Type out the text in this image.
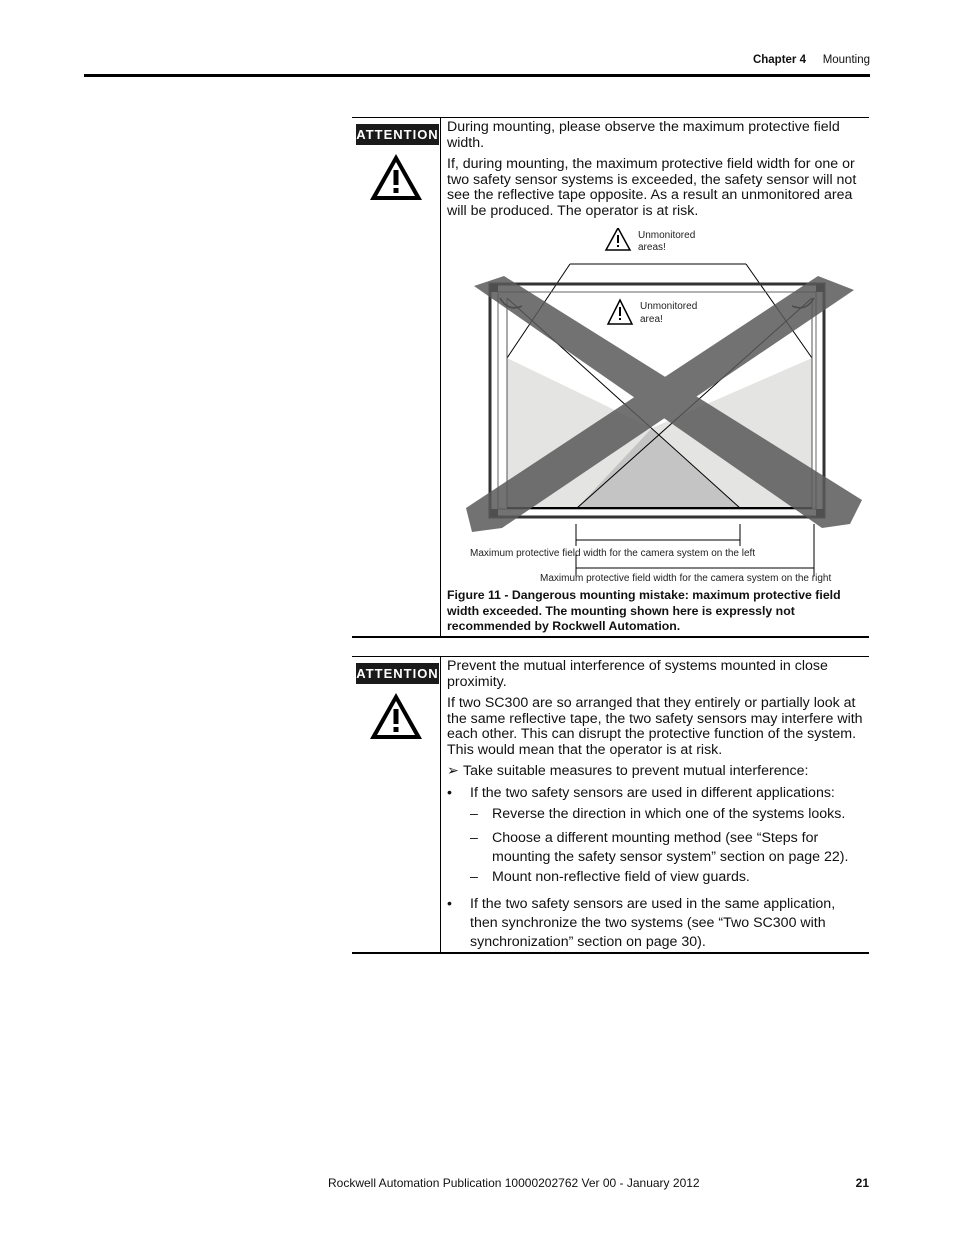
Chapter 4 Mounting
ATTENTION During mounting, please observe the maximum protective field width.

If, during mounting, the maximum protective field width for one or two safety sensor systems is exceeded, the safety sensor will not see the reflective tape opposite. As a result an unmonitored area will be produced. The operator is at risk.

Unmonitored
areas!
Unmonitored
area!
Maximum protective field width for the camera system on the left
Maximum protective field width for the camera system on the right
Figure 11 - Dangerous mounting mistake: maximum protective field width exceeded. The mounting shown here is expressly not recommended by Rockwell Automation.
ATTENTION Prevent the mutual interference of systems mounted in close proximity.

If two SC300 are so arranged that they entirely or partially look at the same reflective tape, the two safety sensors may interfere with each other. This can disrupt the protective function of the system. This would mean that the operator is at risk.

➢ Take suitable measures to prevent mutual interference:
• If the two safety sensors are used in different applications:
– Reverse the direction in which one of the systems looks.
– Choose a different mounting method (see “Steps for mounting the safety sensor system” section on page 22).
– Mount non-reflective field of view guards.
• If the two safety sensors are used in the same application, then synchronize the two systems (see “Two SC300 with synchronization” section on page 30).
Rockwell Automation Publication 10000202762 Ver 00 - January 2012	21
